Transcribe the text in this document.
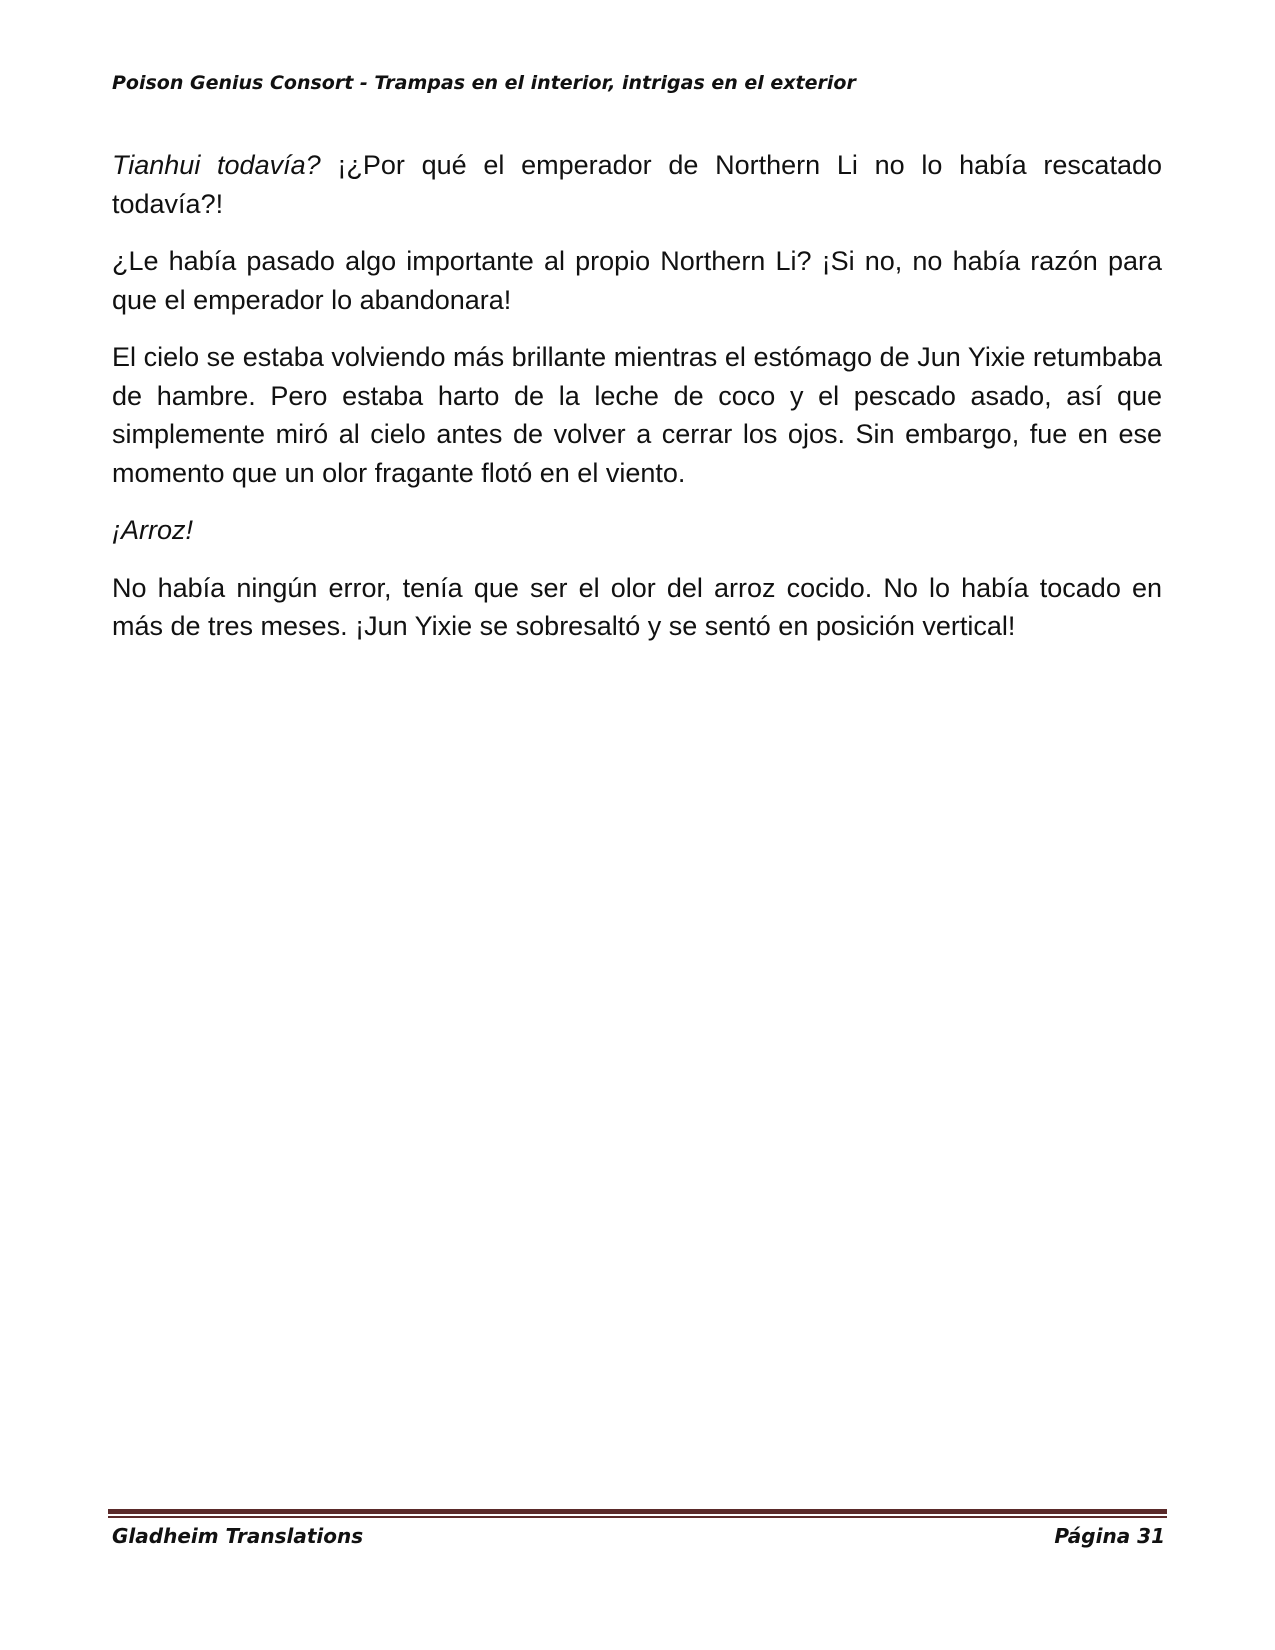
Poison Genius Consort - Trampas en el interior, intrigas en el exterior

Tianhui todavía? ¡¿Por qué el emperador de Northern Li no lo había rescatado todavía?!

¿Le había pasado algo importante al propio Northern Li? ¡Si no, no había razón para que el emperador lo abandonara!

El cielo se estaba volviendo más brillante mientras el estómago de Jun Yixie retumbaba de hambre. Pero estaba harto de la leche de coco y el pescado asado, así que simplemente miró al cielo antes de volver a cerrar los ojos. Sin embargo, fue en ese momento que un olor fragante flotó en el viento.

¡Arroz!

No había ningún error, tenía que ser el olor del arroz cocido. No lo había tocado en más de tres meses. ¡Jun Yixie se sobresaltó y se sentó en posición vertical!

Gladheim Translations	Página 31
